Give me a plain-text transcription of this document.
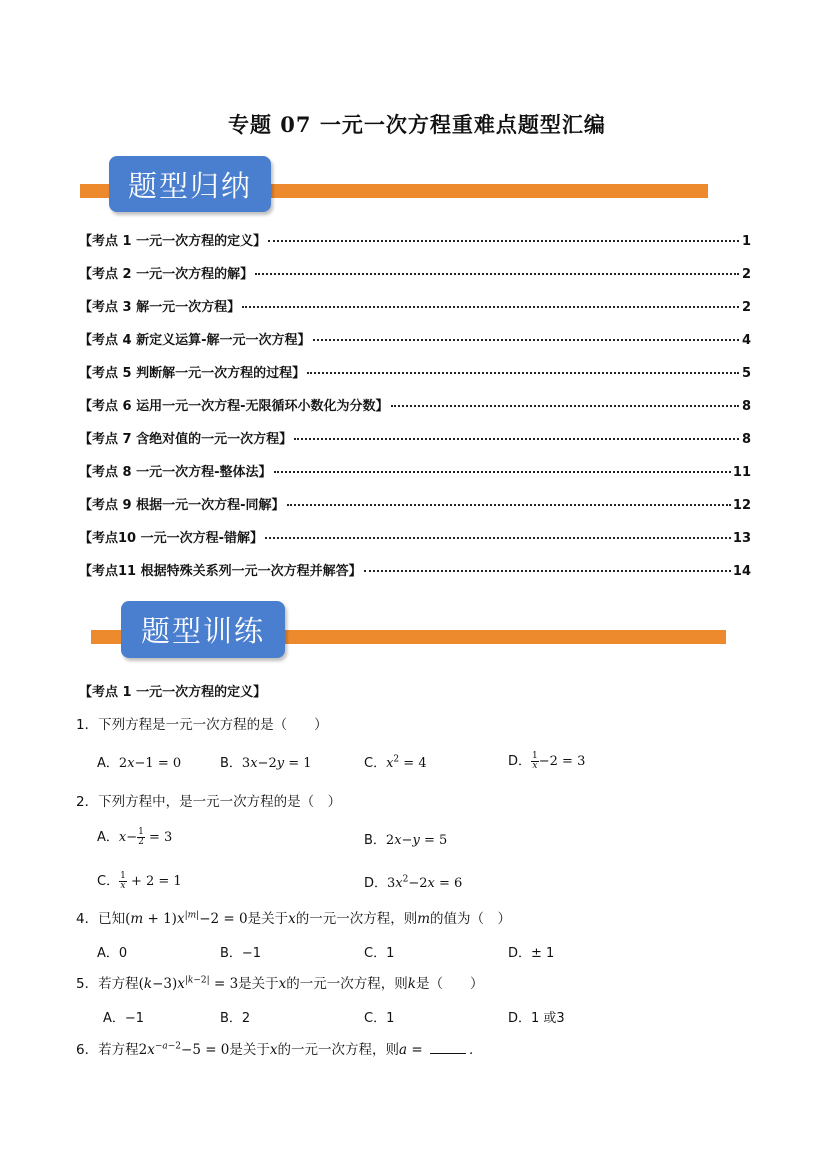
专题 07 一元一次方程重难点题型汇编
题型归纳
【考点 1 一元一次方程的定义】	1
【考点 2 一元一次方程的解】	2
【考点 3 解一元一次方程】	2
【考点 4 新定义运算-解一元一次方程】	4
【考点 5 判断解一元一次方程的过程】	5
【考点 6 运用一元一次方程-无限循环小数化为分数】	8
【考点 7 含绝对值的一元一次方程】	8
【考点 8 一元一次方程-整体法】	11
【考点 9 根据一元一次方程-同解】	12
【考点10 一元一次方程-错解】	13
【考点11 根据特殊关系列一元一次方程并解答】	14
题型训练
【考点 1 一元一次方程的定义】
1．下列方程是一元一次方程的是（　　）
A．2x−1 = 0	B．3x−2y = 1	C．$x^2 = 4$	D． $\frac{1}{x} -2 = 3$
2．下列方程中，是一元一次方程的是（　）
A．$x- \frac{1}{2} = 3$	B．2x−y = 5
C． $\frac{1}{x} + 2 = 1$	D．$3x^2-2x = 6$
4．已知$(m + 1)x^{|m|}-2 = 0$是关于x的一元一次方程，则m的值为（　）
A．0	B．−1	C．1	D．± 1
5．若方程$(k-3)x^{|k-2|} = 3$是关于x的一元一次方程，则k是（　　）
A．−1	B．2	C．1	D．1 或3
6．若方程$2x^{-a-2}-5 = 0$是关于x的一元一次方程，则a =	.
